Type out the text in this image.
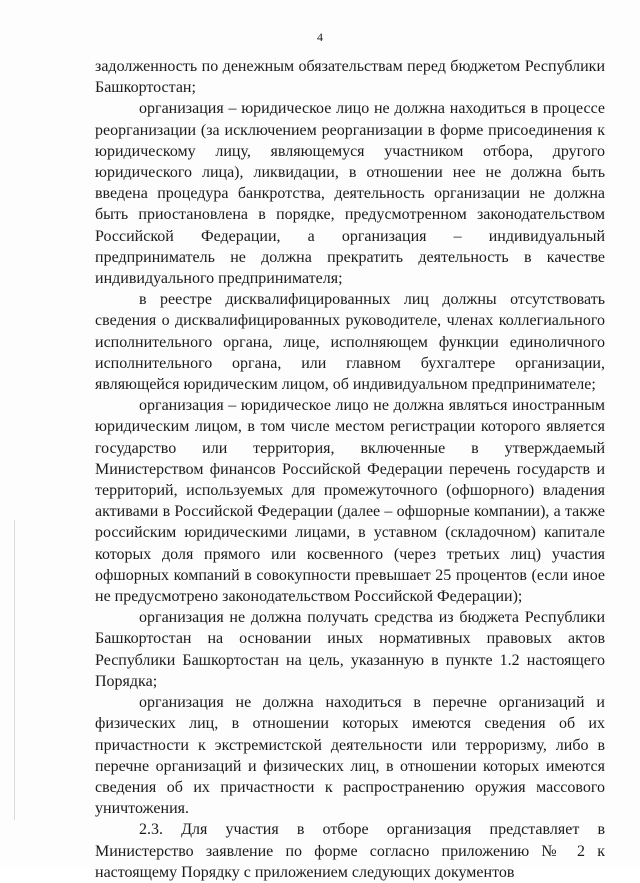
4

задолженность по денежным обязательствам перед бюджетом Республики Башкортостан;

организация – юридическое лицо не должна находиться в процессе реорганизации (за исключением реорганизации в форме присоединения к юридическому лицу, являющемуся участником отбора, другого юридического лица), ликвидации, в отношении нее не должна быть введена процедура банкротства, деятельность организации не должна быть приостановлена в порядке, предусмотренном законодательством Российской Федерации, а организация – индивидуальный предприниматель не должна прекратить деятельность в качестве индивидуального предпринимателя;

в реестре дисквалифицированных лиц должны отсутствовать сведения о дисквалифицированных руководителе, членах коллегиального исполнительного органа, лице, исполняющем функции единоличного исполнительного органа, или главном бухгалтере организации, являющейся юридическим лицом, об индивидуальном предпринимателе;

организация – юридическое лицо не должна являться иностранным юридическим лицом, в том числе местом регистрации которого является государство или территория, включенные в утверждаемый Министерством финансов Российской Федерации перечень государств и территорий, используемых для промежуточного (офшорного) владения активами в Российской Федерации (далее – офшорные компании), а также российским юридическими лицами, в уставном (складочном) капитале которых доля прямого или косвенного (через третьих лиц) участия офшорных компаний в совокупности превышает 25 процентов (если иное не предусмотрено законодательством Российской Федерации);

организация не должна получать средства из бюджета Республики Башкортостан на основании иных нормативных правовых актов Республики Башкортостан на цель, указанную в пункте 1.2 настоящего Порядка;

организация не должна находиться в перечне организаций и физических лиц, в отношении которых имеются сведения об их причастности к экстремистской деятельности или терроризму, либо в перечне организаций и физических лиц, в отношении которых имеются сведения об их причастности к распространению оружия массового уничтожения.

2.3. Для участия в отборе организация представляет в Министерство заявление по форме согласно приложению № 2 к настоящему Порядку с приложением следующих документов
